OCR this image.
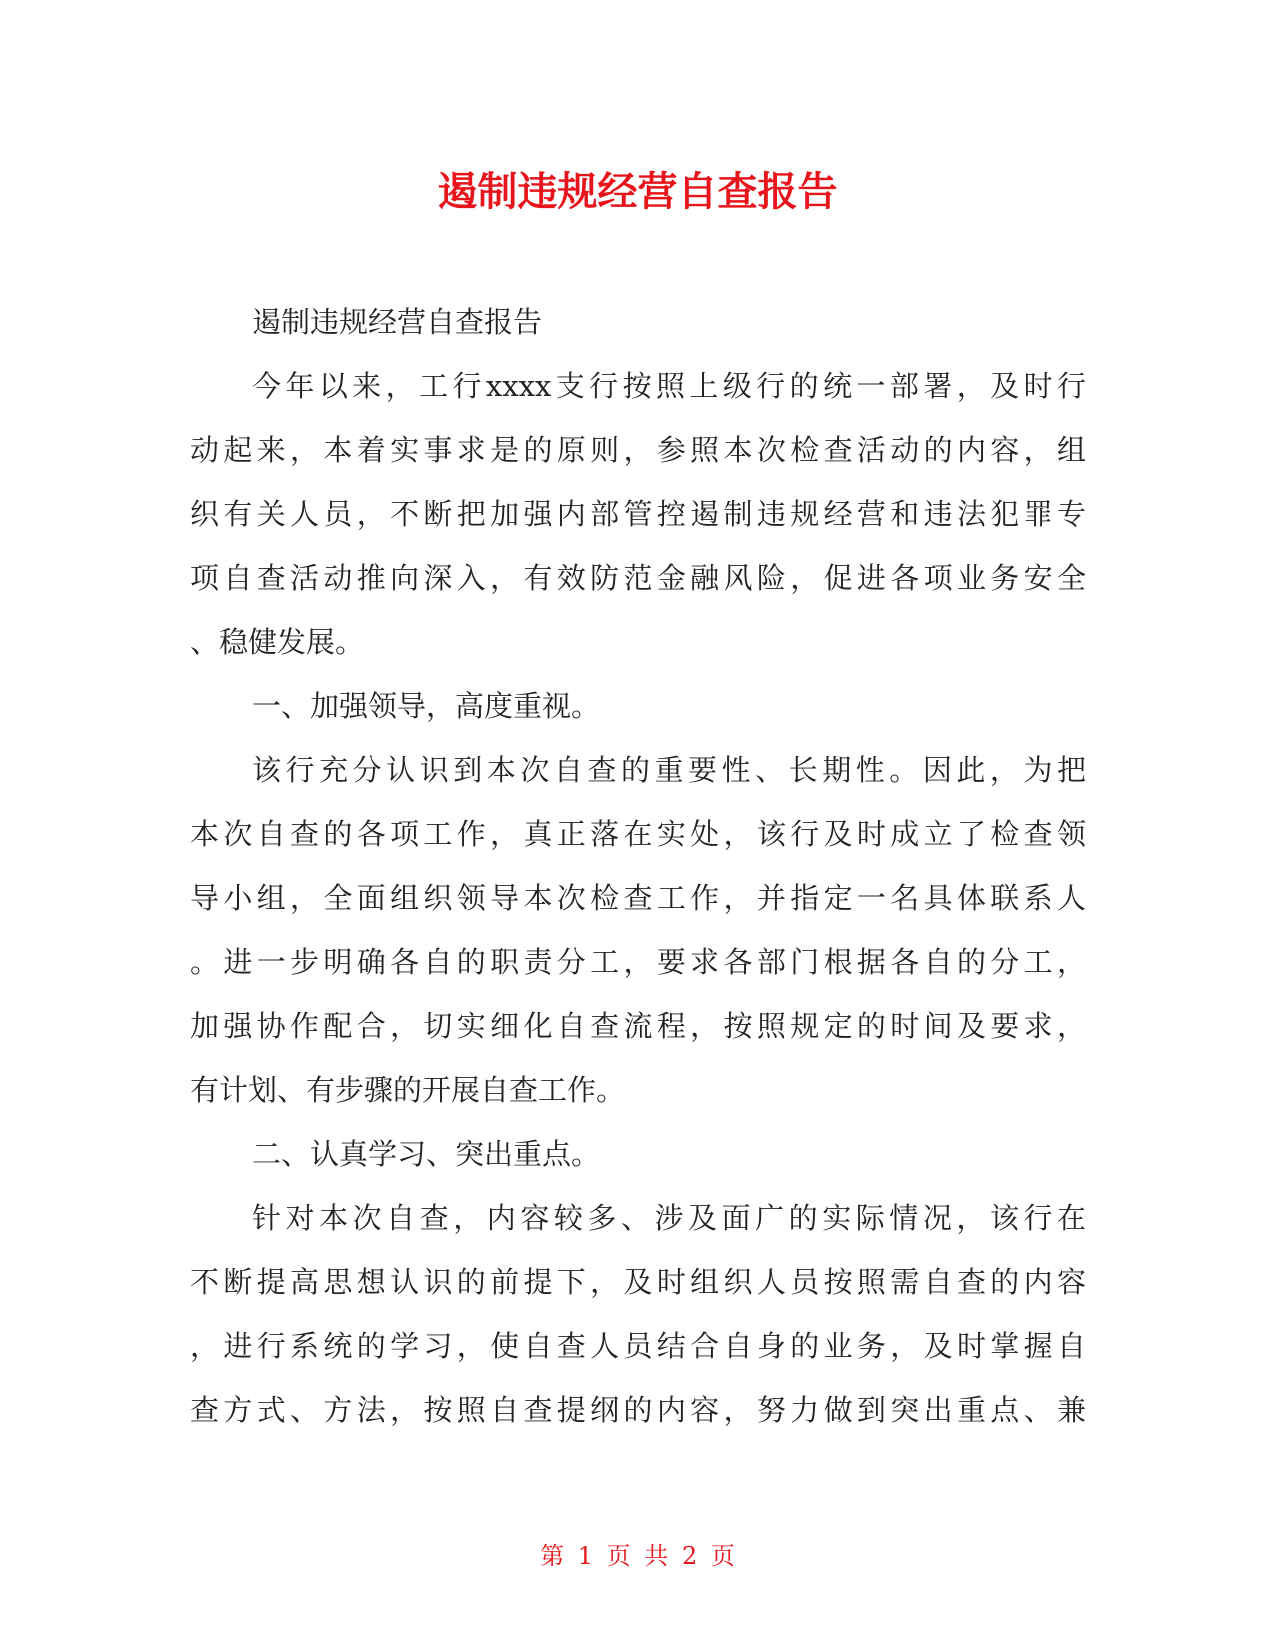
遏制违规经营自查报告
遏制违规经营自查报告
今年以来，工行xxxx支行按照上级行的统一部署，及时行
动起来，本着实事求是的原则，参照本次检查活动的内容，组
织有关人员，不断把加强内部管控遏制违规经营和违法犯罪专
项自查活动推向深入，有效防范金融风险，促进各项业务安全
、稳健发展。
一、加强领导，高度重视。
该行充分认识到本次自查的重要性、长期性。因此，为把
本次自查的各项工作，真正落在实处，该行及时成立了检查领
导小组，全面组织领导本次检查工作，并指定一名具体联系人
。进一步明确各自的职责分工，要求各部门根据各自的分工，
加强协作配合，切实细化自查流程，按照规定的时间及要求，
有计划、有步骤的开展自查工作。
二、认真学习、突出重点。
针对本次自查，内容较多、涉及面广的实际情况，该行在
不断提高思想认识的前提下，及时组织人员按照需自查的内容
，进行系统的学习，使自查人员结合自身的业务，及时掌握自
查方式、方法，按照自查提纲的内容，努力做到突出重点、兼
第 1 页 共 2 页
